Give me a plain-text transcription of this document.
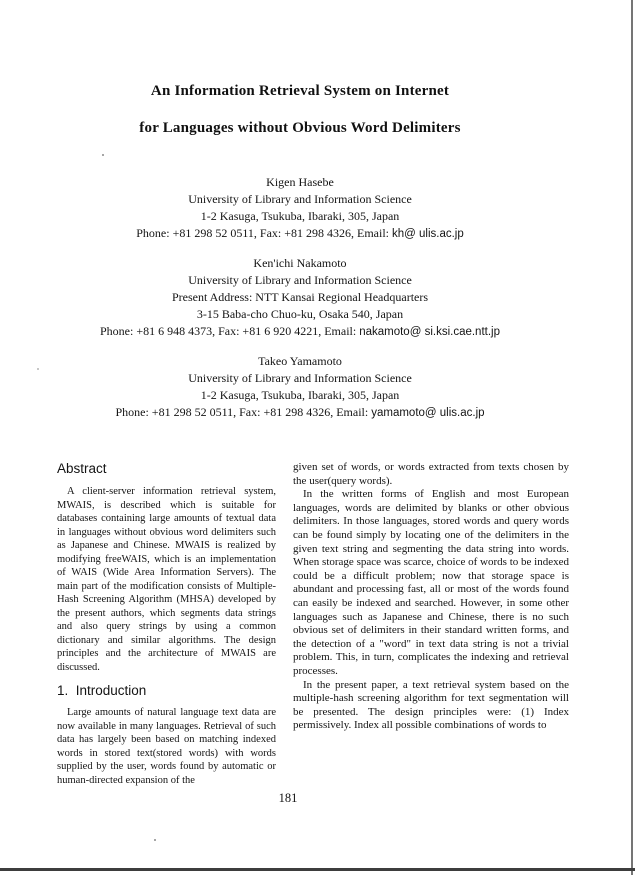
An Information Retrieval System on Internet
for Languages without Obvious Word Delimiters
Kigen Hasebe
University of Library and Information Science
1-2 Kasuga, Tsukuba, Ibaraki, 305, Japan
Phone: +81 298 52 0511, Fax: +81 298 4326, Email: kh@ ulis.ac.jp
Ken'ichi Nakamoto
University of Library and Information Science
Present Address: NTT Kansai Regional Headquarters
3-15 Baba-cho Chuo-ku, Osaka 540, Japan
Phone: +81 6 948 4373, Fax: +81 6 920 4221, Email: nakamoto@ si.ksi.cae.ntt.jp
Takeo Yamamoto
University of Library and Information Science
1-2 Kasuga, Tsukuba, Ibaraki, 305, Japan
Phone: +81 298 52 0511, Fax: +81 298 4326, Email: yamamoto@ ulis.ac.jp
Abstract

A client-server information retrieval system, MWAIS, is described which is suitable for databases containing large amounts of textual data in languages without obvious word delimiters such as Japanese and Chinese. MWAIS is realized by modifying freeWAIS, which is an implementation of WAIS (Wide Area Information Servers). The main part of the modification consists of Multiple-Hash Screening Algorithm (MHSA) developed by the present authors, which segments data strings and also query strings by using a common dictionary and similar algorithms. The design principles and the architecture of MWAIS are discussed.

1.  Introduction

Large amounts of natural language text data are now available in many languages. Retrieval of such data has largely been based on matching indexed words in stored text(stored words) with words supplied by the user, words found by automatic or human-directed expansion of the

given set of words, or words extracted from texts chosen by the user(query words).

In the written forms of English and most European languages, words are delimited by blanks or other obvious delimiters. In those languages, stored words and query words can be found simply by locating one of the delimiters in the given text string and segmenting the data string into words. When storage space was scarce, choice of words to be indexed could be a difficult problem; now that storage space is abundant and processing fast, all or most of the words found can easily be indexed and searched. However, in some other languages such as Japanese and Chinese, there is no such obvious set of delimiters in their standard written forms, and the detection of a "word" in text data string is not a trivial problem. This, in turn, complicates the indexing and retrieval processes.

In the present paper, a text retrieval system based on the multiple-hash screening algorithm for text segmentation will be presented. The design principles were: (1) Index permissively. Index all possible combinations of words to

181
